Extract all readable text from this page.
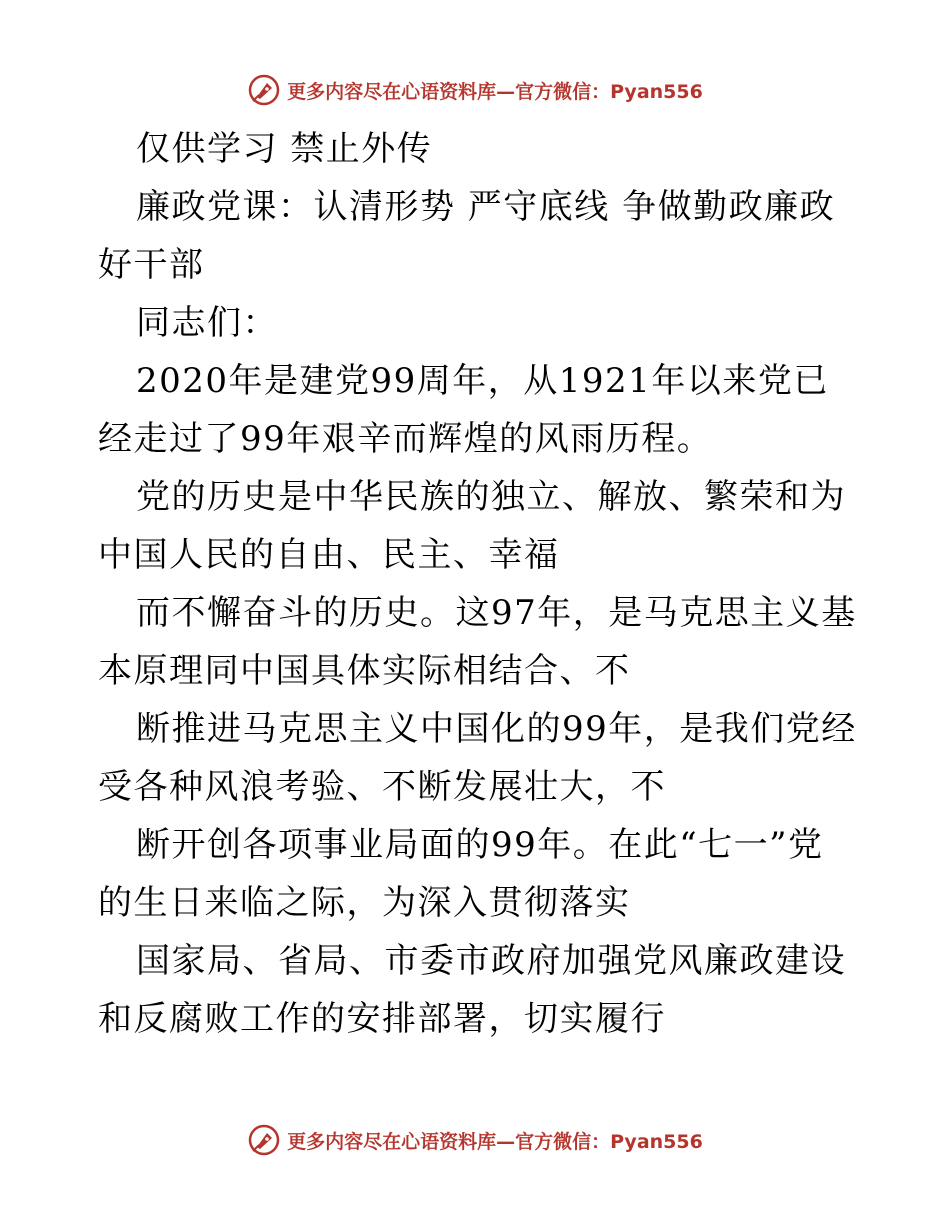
更多内容尽在心语资料库—官方微信：Pyan556

仅供学习 禁止外传

廉政党课：认清形势 严守底线 争做勤政廉政好干部

同志们：

2020年是建党99周年，从1921年以来党已经走过了99年艰辛而辉煌的风雨历程。

党的历史是中华民族的独立、解放、繁荣和为中国人民的自由、民主、幸福

而不懈奋斗的历史。这97年，是马克思主义基本原理同中国具体实际相结合、不

断推进马克思主义中国化的99年，是我们党经受各种风浪考验、不断发展壮大，不

断开创各项事业局面的99年。在此“七一”党的生日来临之际，为深入贯彻落实

国家局、省局、市委市政府加强党风廉政建设和反腐败工作的安排部署，切实履行

更多内容尽在心语资料库—官方微信：Pyan556
